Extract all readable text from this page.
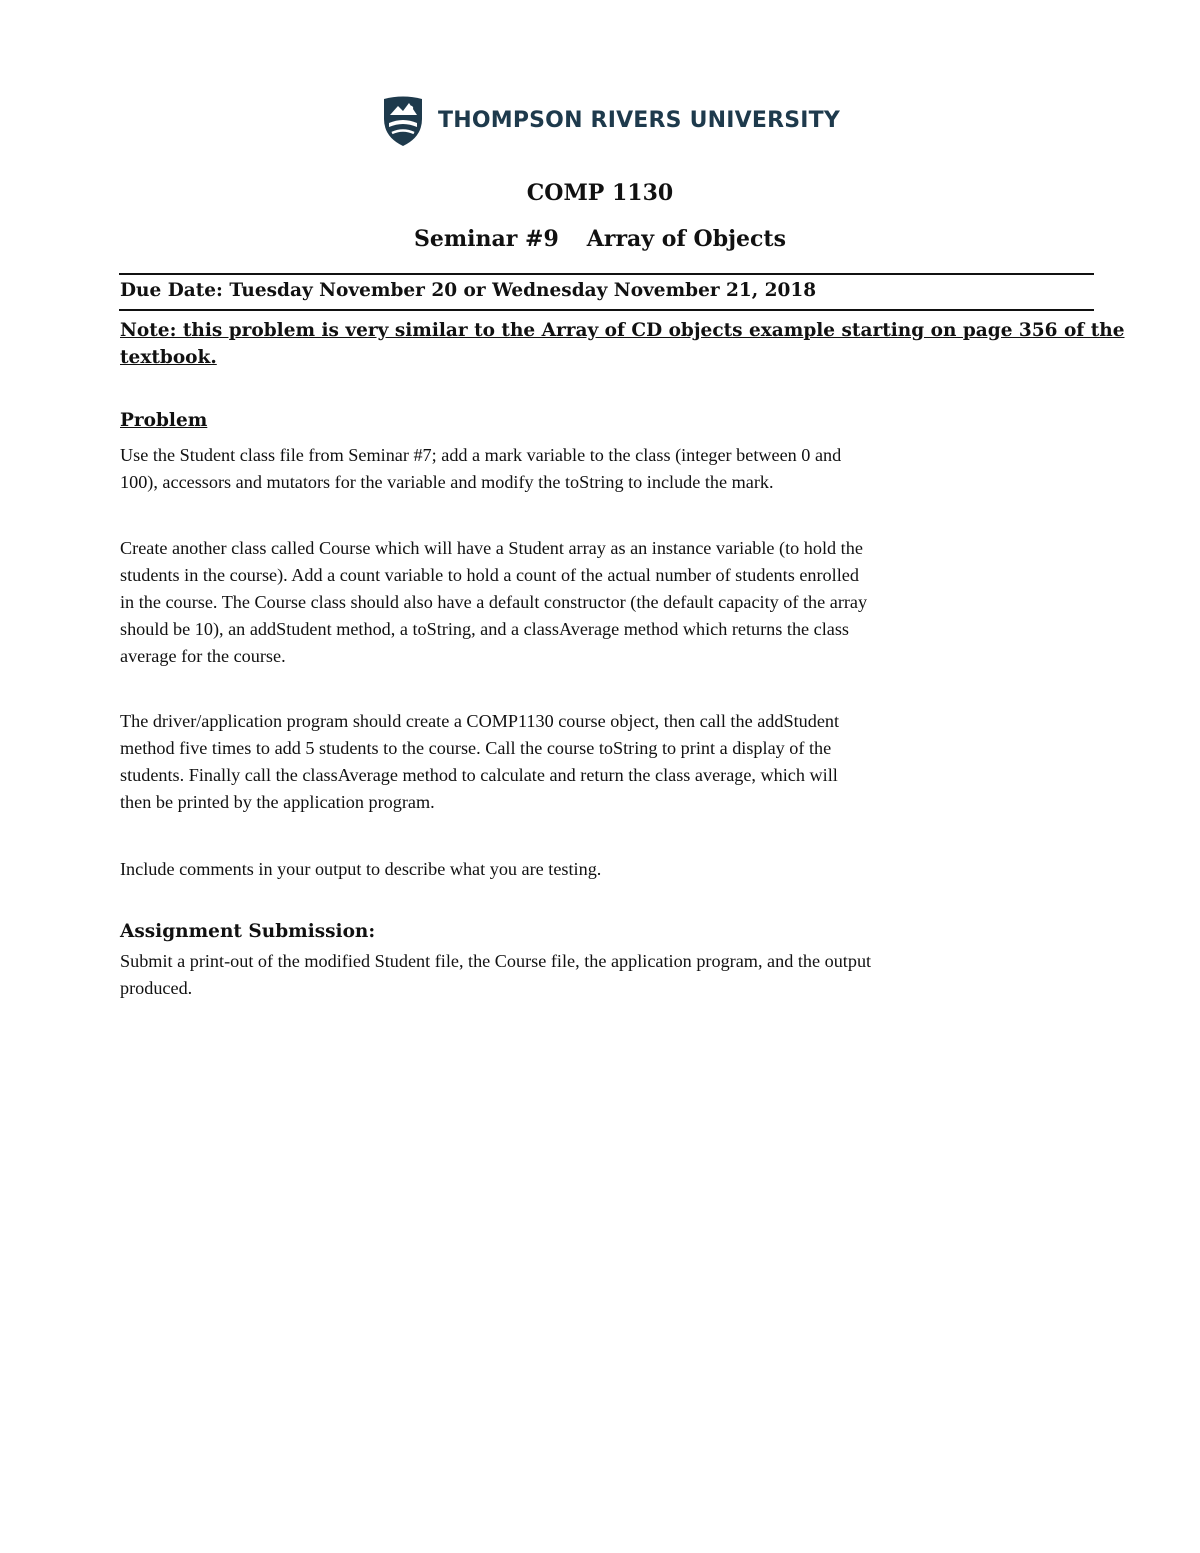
THOMPSON RIVERS UNIVERSITY
COMP 1130
Seminar #9 Array of Objects
Due Date: Tuesday November 20 or Wednesday November 21, 2018
Note: this problem is very similar to the Array of CD objects example starting on page 356 of the
textbook.
Problem
Use the Student class file from Seminar #7; add a mark variable to the class (integer between 0 and
100), accessors and mutators for the variable and modify the toString to include the mark.
Create another class called Course which will have a Student array as an instance variable (to hold the
students in the course). Add a count variable to hold a count of the actual number of students enrolled
in the course. The Course class should also have a default constructor (the default capacity of the array
should be 10), an addStudent method, a toString, and a classAverage method which returns the class
average for the course.
The driver/application program should create a COMP1130 course object, then call the addStudent
method five times to add 5 students to the course. Call the course toString to print a display of the
students. Finally call the classAverage method to calculate and return the class average, which will
then be printed by the application program.
Include comments in your output to describe what you are testing.
Assignment Submission:
Submit a print-out of the modified Student file, the Course file, the application program, and the output
produced.
